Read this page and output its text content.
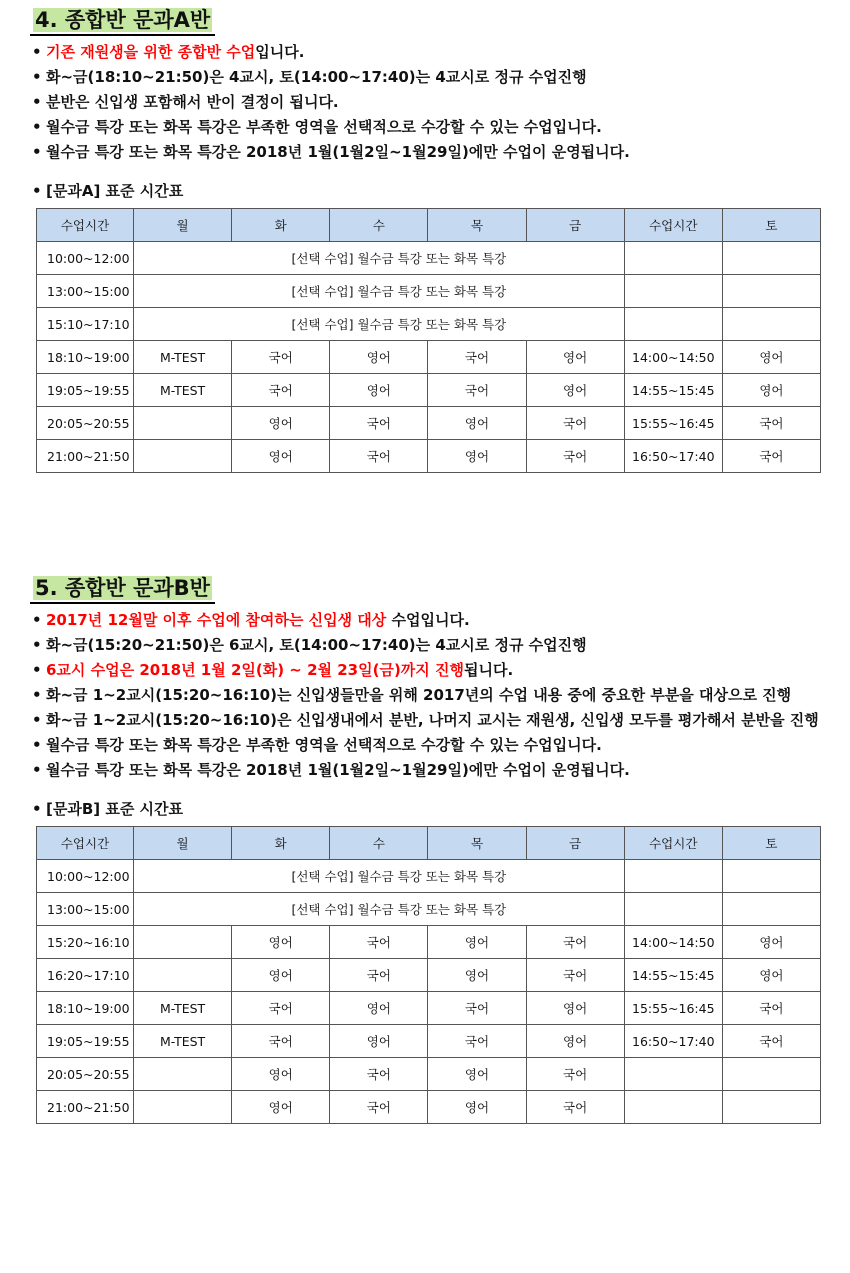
4. 종합반 문과A반
• 기존 재원생을 위한 종합반 수업입니다.
• 화~금(18:10~21:50)은 4교시, 토(14:00~17:40)는 4교시로 정규 수업진행
• 분반은 신입생 포함해서 반이 결정이 됩니다.
• 월수금 특강 또는 화목 특강은 부족한 영역을 선택적으로 수강할 수 있는 수업입니다.
• 월수금 특강 또는 화목 특강은 2018년 1월(1월2일~1월29일)에만 수업이 운영됩니다.
• [문과A] 표준 시간표
수업시간	월	화	수	목	금	수업시간	토
10:00~12:00	[선택 수업] 월수금 특강 또는 화목 특강						
13:00~15:00	[선택 수업] 월수금 특강 또는 화목 특강						
15:10~17:10	[선택 수업] 월수금 특강 또는 화목 특강						
18:10~19:00	M-TEST	국어	영어	국어	영어	14:00~14:50	영어
19:05~19:55	M-TEST	국어	영어	국어	영어	14:55~15:45	영어
20:05~20:55		영어	국어	영어	국어	15:55~16:45	국어
21:00~21:50		영어	국어	영어	국어	16:50~17:40	국어
5. 종합반 문과B반
• 2017년 12월말 이후 수업에 참여하는 신입생 대상 수업입니다.
• 화~금(15:20~21:50)은 6교시, 토(14:00~17:40)는 4교시로 정규 수업진행
• 6교시 수업은 2018년 1월 2일(화) ~ 2월 23일(금)까지 진행됩니다.
• 화~금 1~2교시(15:20~16:10)는 신입생들만을 위해 2017년의 수업 내용 중에 중요한 부분을 대상으로 진행
• 화~금 1~2교시(15:20~16:10)은 신입생내에서 분반, 나머지 교시는 재원생, 신입생 모두를 평가해서 분반을 진행
• 월수금 특강 또는 화목 특강은 부족한 영역을 선택적으로 수강할 수 있는 수업입니다.
• 월수금 특강 또는 화목 특강은 2018년 1월(1월2일~1월29일)에만 수업이 운영됩니다.
• [문과B] 표준 시간표
수업시간	월	화	수	목	금	수업시간	토
10:00~12:00	[선택 수업] 월수금 특강 또는 화목 특강						
13:00~15:00	[선택 수업] 월수금 특강 또는 화목 특강						
15:20~16:10		영어	국어	영어	국어	14:00~14:50	영어
16:20~17:10		영어	국어	영어	국어	14:55~15:45	영어
18:10~19:00	M-TEST	국어	영어	국어	영어	15:55~16:45	국어
19:05~19:55	M-TEST	국어	영어	국어	영어	16:50~17:40	국어
20:05~20:55		영어	국어	영어	국어		
21:00~21:50		영어	국어	영어	국어		
